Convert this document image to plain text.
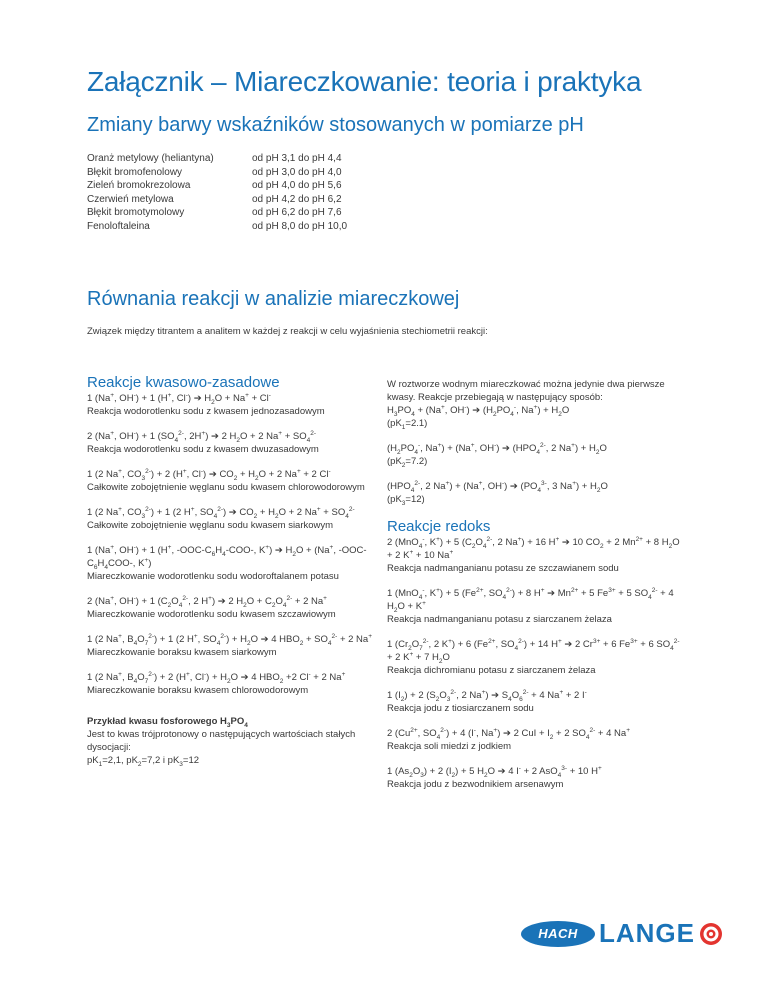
Załącznik – Miareczkowanie: teoria i praktyka
Zmiany barwy wskaźników stosowanych w pomiarze pH
Oranż metylowy (heliantyna)	od pH 3,1 do pH 4,4
Błękit bromofenolowy	od pH 3,0 do pH 4,0
Zieleń bromokrezolowa	od pH 4,0 do pH 5,6
Czerwień metylowa	od pH 4,2 do pH 6,2
Błękit bromotymolowy	od pH 6,2 do pH 7,6
Fenoloftaleina	od pH 8,0 do pH 10,0
Równania reakcji w analizie miareczkowej
Związek między titrantem a analitem w każdej z reakcji w celu wyjaśnienia stechiometrii reakcji:
Reakcje kwasowo-zasadowe
1 (Na+, OH-) + 1 (H+, Cl-) ➔ $H_2O + Na^+ + Cl^-$
Reakcja wodorotlenku sodu z kwasem jednozasadowym
2 (Na+, OH-) + 1 ($SO_4^{2-}$, 2H+) ➔ 2 $H_2O + 2$ $Na^+ + SO_4^{2-}$
Reakcja wodorotlenku sodu z kwasem dwuzasadowym
1 (2 Na+, $CO_3^{2-}) + 2$ (H+, Cl-) ➔ $CO_2 + H_2O + 2$ Na+ + 2 Cl-
Całkowite zobojętnienie węglanu sodu kwasem chlorowodorowym
1 (2 Na+, $CO_3^{2-}) + 1$ (2 H+, $SO_4^{2-}$) ➔ $CO_2 + H_2O + 2$ $Na^+ + SO_4^{2-}$
Całkowite zobojętnienie węglanu sodu kwasem siarkowym
1 (Na+, OH-) + 1 (H+, $-OOC-C_6H_4-COO-$, K+) ➔ $H_2O + (Na^+$, $-OOC-C_6H_4COO-$, K+)
Miareczkowanie wodorotlenku sodu wodoroftalanem potasu
2 (Na+, OH-) + 1 ($C_2O_4^{2-}$, 2 H+) ➔ 2 $H_2O + C_2O_4^{2-} + 2$ Na+
Miareczkowanie wodorotlenku sodu kwasem szczawiowym
1 (2 Na+, $B_4O_7^{2-}) + 1$ (2 H+, $SO_4^{2-}) + H_2O$ ➔ 4 $HBO_2 + SO_4^{2-} + 2$ Na+
Miareczkowanie boraksu kwasem siarkowym
1 (2 Na+, $B_4O_7^{2-}) + 2$ (H+, $Cl^-) + H_2O$ ➔ 4 $HBO_2 +2$ Cl- + 2 Na+
Miareczkowanie boraksu kwasem chlorowodorowym
Przykład kwasu fosforowego $H_3PO_4$
Jest to kwas trójprotonowy o następujących wartościach stałych dysocjacji:
$pK_1=2,1$, $pK_2=7,2$ i $pK_3=12$
W roztworze wodnym miareczkować można jedynie dwa pierwsze kwasy. Reakcje przebiegają w następujący sposób:
$H_3PO_4 + (Na^+$, OH-) ➔ ($H_2PO_4^-$, $Na^+) + H_2O$
$(pK_1=2.1)$
($H_2PO_4^-$, Na+) + (Na+, OH-) ➔ ($HPO_4^{2-}$, 2 $Na^+) + H_2O$
$(pK_2=7.2)$
($HPO_4^{2-}$, 2 Na+) + (Na+, OH-) ➔ ($PO_4^{3-}$, 3 $Na^+) + H_2O$
$(pK_3=12)$
Reakcje redoks
2 (MnO$_4$-, K+) + 5 ($C_2O_4^{2-}$, 2 Na+) + 16 H+ ➔ 10 $CO_2 + 2$ $Mn^{2+} + 8$ $H_2O + 2$ K+ + 10 Na+
Reakcja nadmanganianu potasu ze szczawianem sodu
1 (MnO$_4$-, K+) + 5 ($Fe^{2+}$, $SO_4^{2-}) + 8$ H+ ➔ $Mn^{2+} + 5$ $Fe^{3+} + 5$ $SO_4^{2-} + 4$ $H_2O + K^+$
Reakcja nadmanganianu potasu z siarczanem żelaza
1 ($Cr_2O_7^{2-}$, 2 K+) + 6 ($Fe^{2+}$, $SO_4^{2-}) + 14$ H+ ➔ 2 $Cr^{3+} + 6$ $Fe^{3+} + 6$ $SO_4^{2-} + 2$ K+ + 7 $H_2O$
Reakcja dichromianu potasu z siarczanem żelaza
1 $(I_2) + 2$ ($S_2O_3^{2-}$, 2 Na+) ➔ $S_4O_6^{2-} + 4$ Na+ + 2 I-
Reakcja jodu z tiosiarczanem sodu
2 ($Cu^{2+}$, $SO_4^{2-}) + 4$ (I-, Na+) ➔ 2 CuI + $I_2 + 2$ $SO_4^{2-} + 4$ Na+
Reakcja soli miedzi z jodkiem
1 $(As_2O_3) + 2$ $(I_2) + 5$ $H_2O$ ➔ 4 I- + 2 AsO$_4^{3-}$ + 10 H+
Reakcja jodu z bezwodnikiem arsenawym
HACH LANGE
